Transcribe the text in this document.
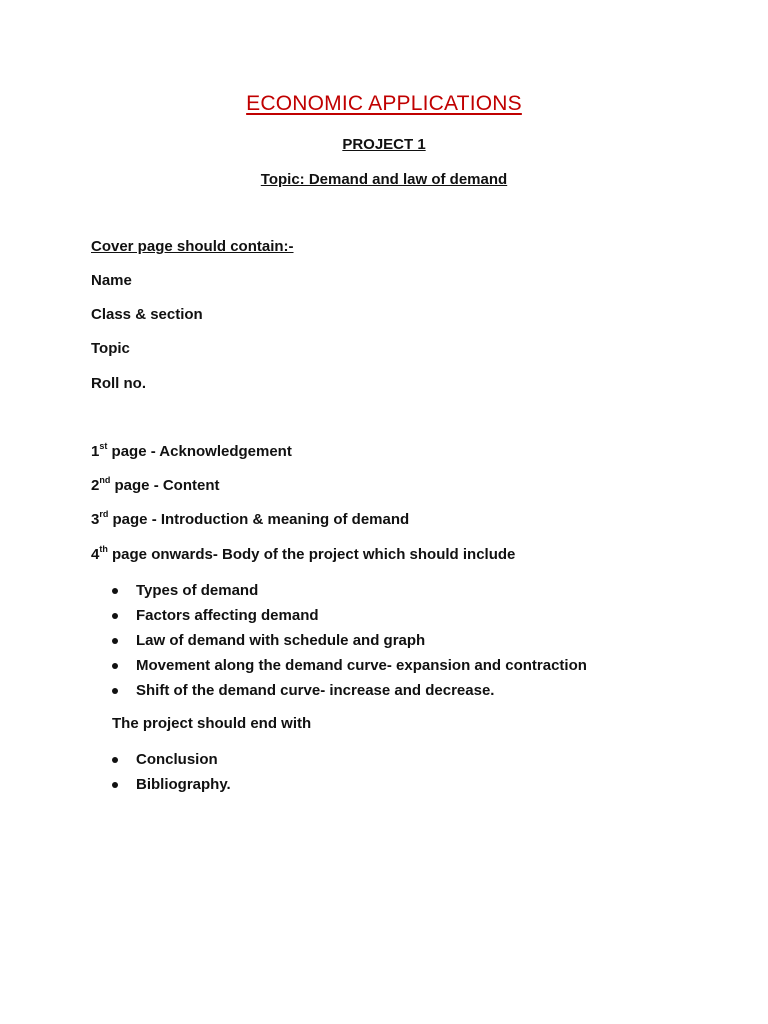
ECONOMIC APPLICATIONS
PROJECT 1
Topic: Demand and law of demand
Cover page should contain:-
Name
Class & section
Topic
Roll no.
1st page - Acknowledgement
2nd page - Content
3rd page - Introduction & meaning of demand
4th page onwards- Body of the project which should include
Types of demand
Factors affecting demand
Law of demand with schedule and graph
Movement along the demand curve- expansion and contraction
Shift of the demand curve- increase and decrease.
The project should end with
Conclusion
Bibliography.
